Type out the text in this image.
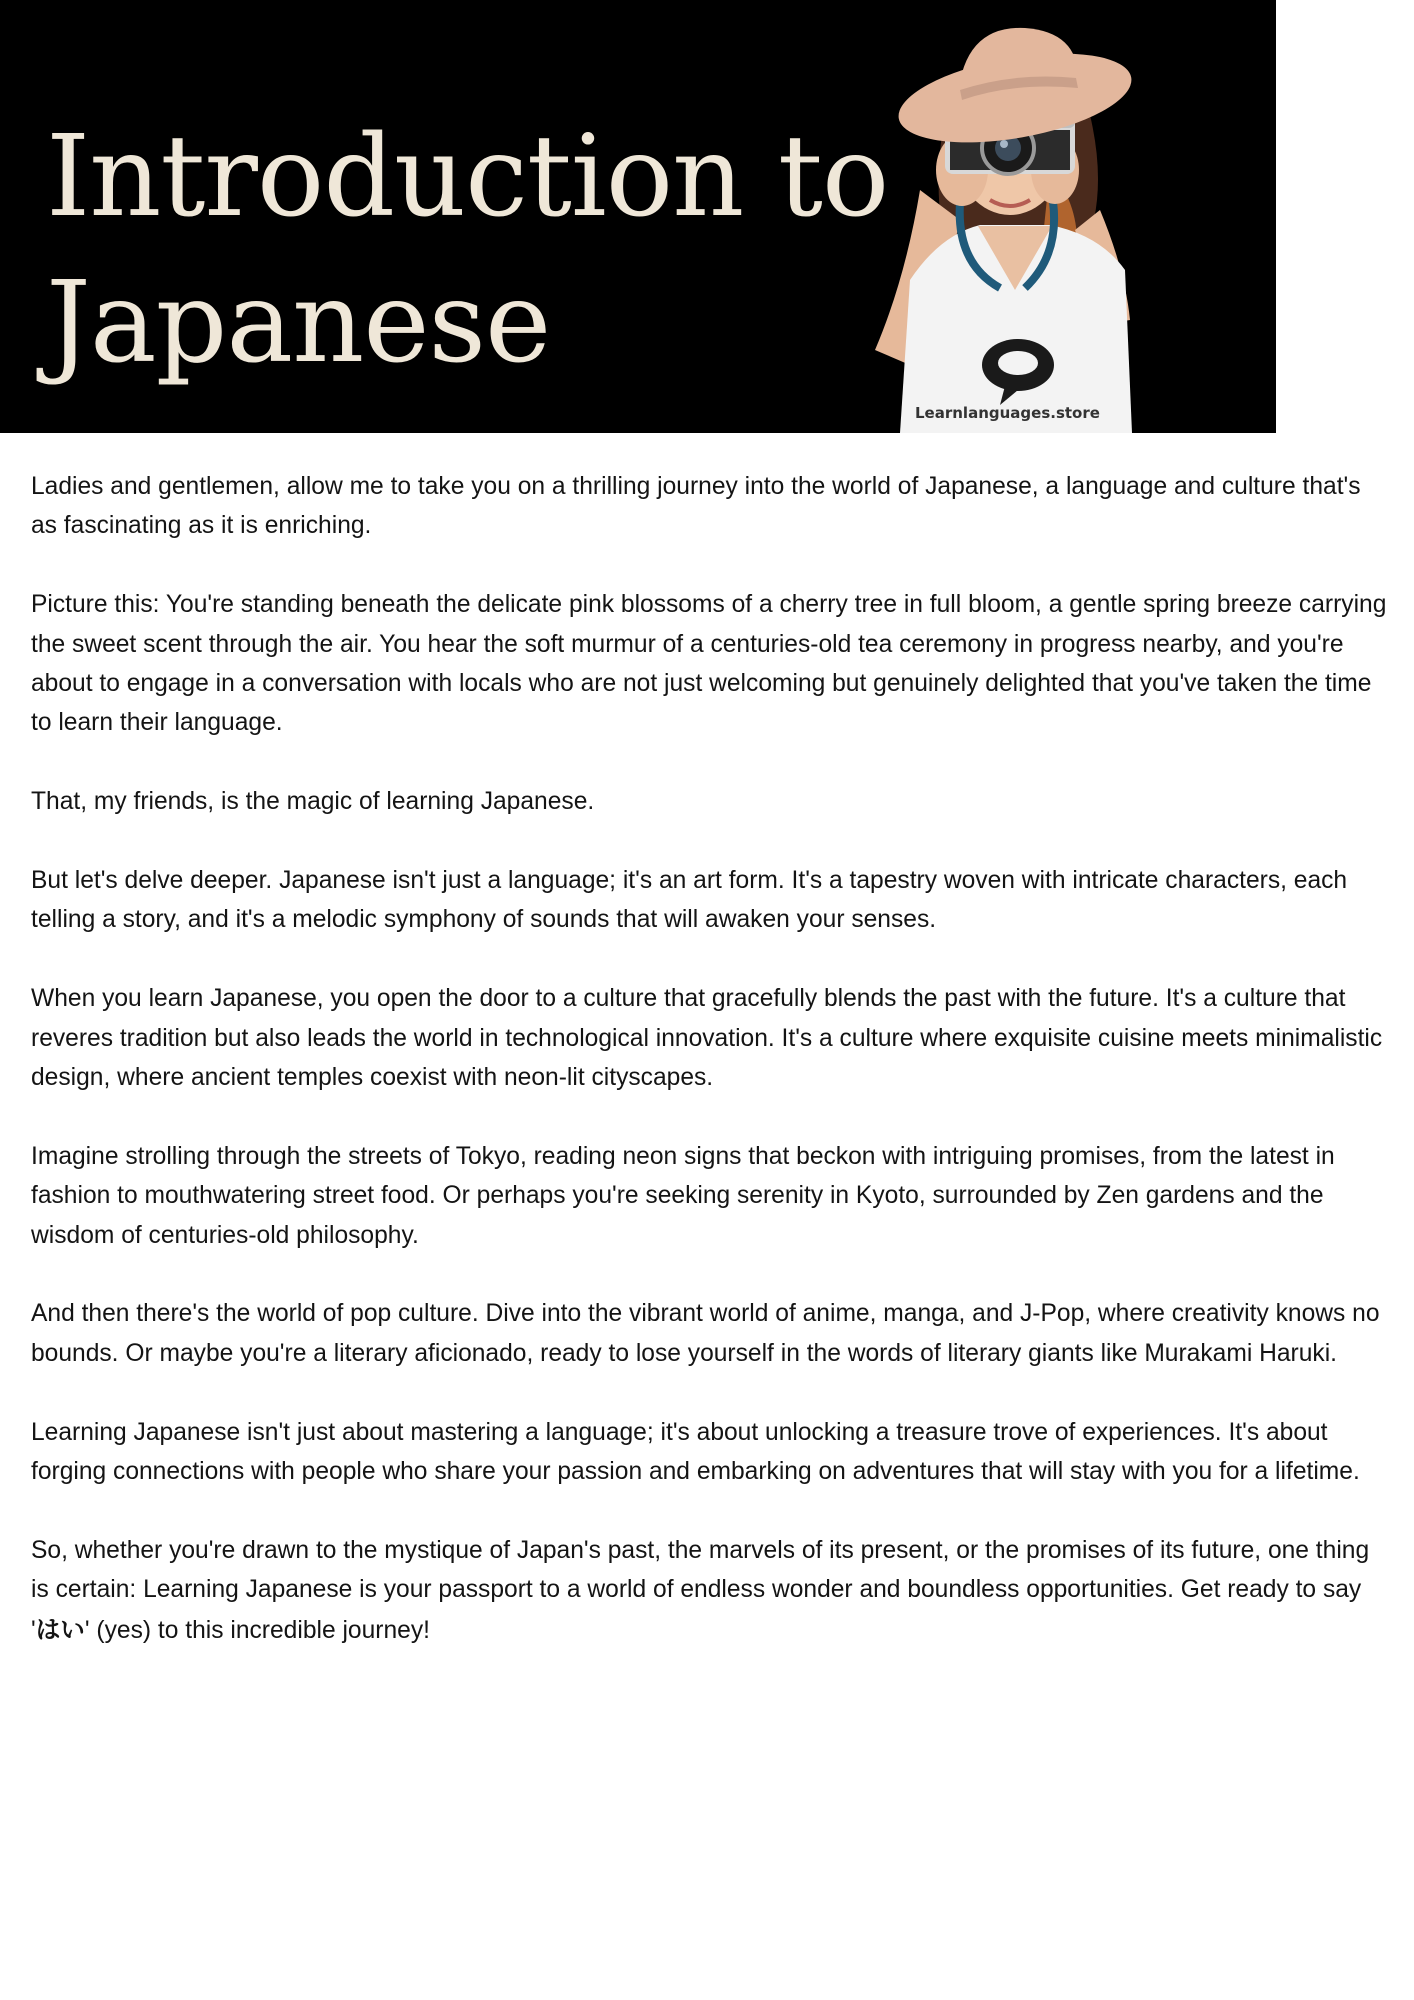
Introduction to
Japanese
Learnlanguages.store

Ladies and gentlemen, allow me to take you on a thrilling journey into the world of Japanese, a language and culture that's as fascinating as it is enriching.

Picture this: You're standing beneath the delicate pink blossoms of a cherry tree in full bloom, a gentle spring breeze carrying the sweet scent through the air. You hear the soft murmur of a centuries-old tea ceremony in progress nearby, and you're about to engage in a conversation with locals who are not just welcoming but genuinely delighted that you've taken the time to learn their language.

That, my friends, is the magic of learning Japanese.

But let's delve deeper. Japanese isn't just a language; it's an art form. It's a tapestry woven with intricate characters, each telling a story, and it's a melodic symphony of sounds that will awaken your senses.

When you learn Japanese, you open the door to a culture that gracefully blends the past with the future. It's a culture that reveres tradition but also leads the world in technological innovation. It's a culture where exquisite cuisine meets minimalistic design, where ancient temples coexist with neon-lit cityscapes.

Imagine strolling through the streets of Tokyo, reading neon signs that beckon with intriguing promises, from the latest in fashion to mouthwatering street food. Or perhaps you're seeking serenity in Kyoto, surrounded by Zen gardens and the wisdom of centuries-old philosophy.

And then there's the world of pop culture. Dive into the vibrant world of anime, manga, and J-Pop, where creativity knows no bounds. Or maybe you're a literary aficionado, ready to lose yourself in the words of literary giants like Murakami Haruki.

Learning Japanese isn't just about mastering a language; it's about unlocking a treasure trove of experiences. It's about forging connections with people who share your passion and embarking on adventures that will stay with you for a lifetime.

So, whether you're drawn to the mystique of Japan's past, the marvels of its present, or the promises of its future, one thing is certain: Learning Japanese is your passport to a world of endless wonder and boundless opportunities. Get ready to say 'はい' (yes) to this incredible journey!
